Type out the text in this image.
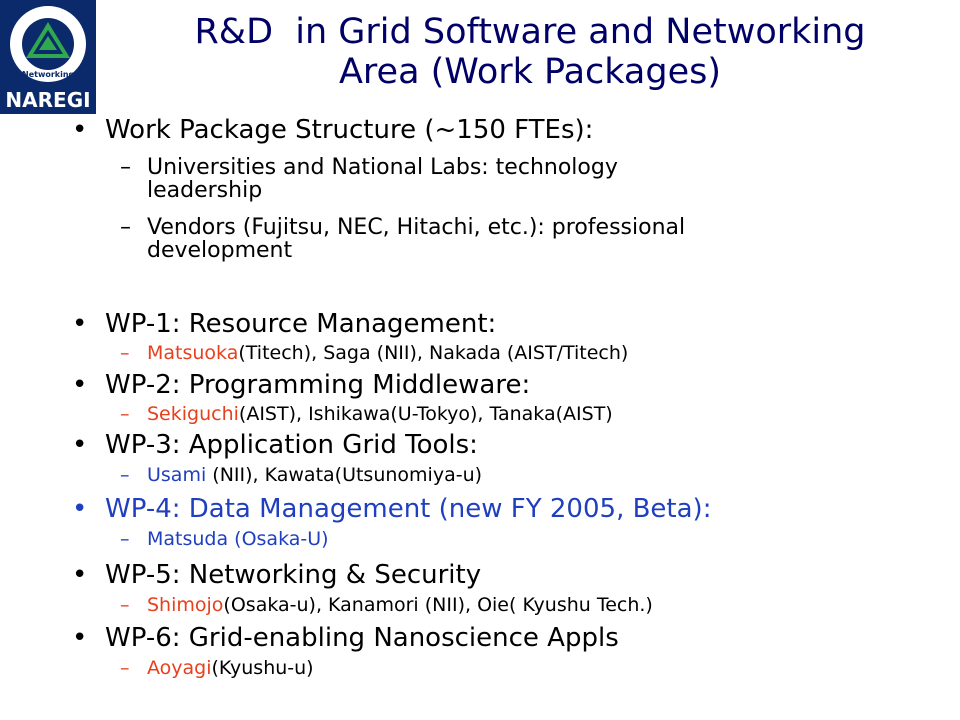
Networking
NAREGI
R&D  in Grid Software and Networking
Area (Work Packages)
• Work Package Structure (~150 FTEs):
– Universities and National Labs: technology
leadership
– Vendors (Fujitsu, NEC, Hitachi, etc.): professional
development
• WP-1: Resource Management:
– Matsuoka(Titech), Saga (NII), Nakada (AIST/Titech)
• WP-2: Programming Middleware:
– Sekiguchi(AIST), Ishikawa(U-Tokyo), Tanaka(AIST)
• WP-3: Application Grid Tools:
– Usami (NII), Kawata(Utsunomiya-u)
• WP-4: Data Management (new FY 2005, Beta):
– Matsuda (Osaka-U)
• WP-5: Networking & Security
– Shimojo(Osaka-u), Kanamori (NII), Oie( Kyushu Tech.)
• WP-6: Grid-enabling Nanoscience Appls
– Aoyagi(Kyushu-u)
